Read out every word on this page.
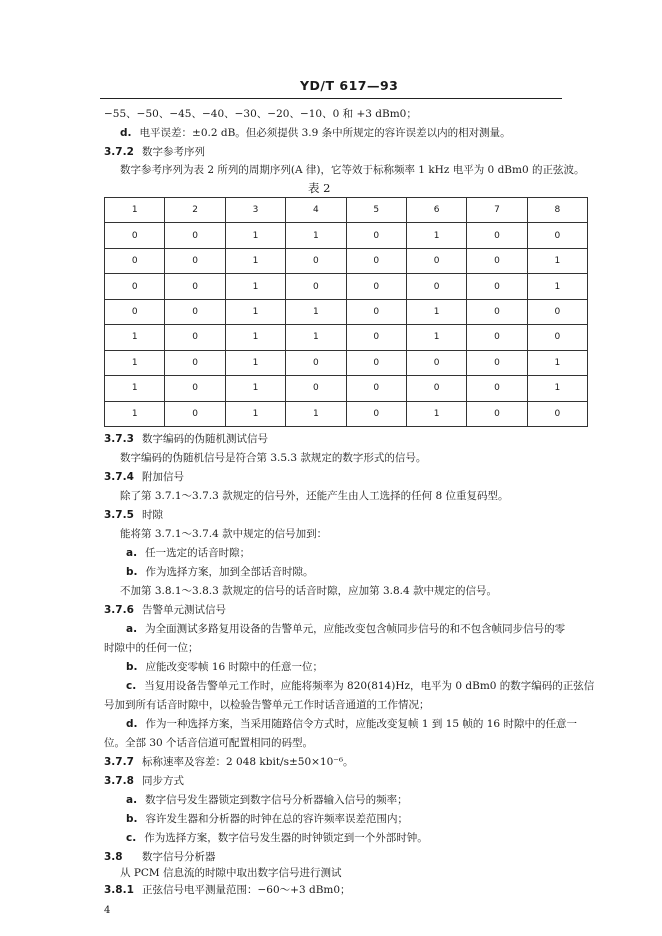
YD/T 617—93
−55、−50、−45、−40、−30、−20、−10、0 和 +3 dBm0；
d. 电平误差：±0.2 dB。但必须提供 3.9 条中所规定的容许误差以内的相对测量。
3.7.2 数字参考序列
数字参考序列为表 2 所列的周期序列(A 律)，它等效于标称频率 1 kHz 电平为 0 dBm0 的正弦波。
表 2
1	2	3	4	5	6	7	8
0	0	1	1	0	1	0	0
0	0	1	0	0	0	0	1
0	0	1	0	0	0	0	1
0	0	1	1	0	1	0	0
1	0	1	1	0	1	0	0
1	0	1	0	0	0	0	1
1	0	1	0	0	0	0	1
1	0	1	1	0	1	0	0
3.7.3 数字编码的伪随机测试信号
数字编码的伪随机信号是符合第 3.5.3 款规定的数字形式的信号。
3.7.4 附加信号
除了第 3.7.1～3.7.3 款规定的信号外，还能产生由人工选择的任何 8 位重复码型。
3.7.5 时隙
能将第 3.7.1～3.7.4 款中规定的信号加到：
a. 任一选定的话音时隙；
b. 作为选择方案，加到全部话音时隙。
不加第 3.8.1～3.8.3 款规定的信号的话音时隙，应加第 3.8.4 款中规定的信号。
3.7.6 告警单元测试信号
a. 为全面测试多路复用设备的告警单元，应能改变包含帧同步信号的和不包含帧同步信号的零
时隙中的任何一位；
b. 应能改变零帧 16 时隙中的任意一位；
c. 当复用设备告警单元工作时，应能将频率为 820(814)Hz，电平为 0 dBm0 的数字编码的正弦信
号加到所有话音时隙中，以检验告警单元工作时话音通道的工作情况；
d. 作为一种选择方案，当采用随路信令方式时，应能改变复帧 1 到 15 帧的 16 时隙中的任意一
位。全部 30 个话音信道可配置相同的码型。
3.7.7 标称速率及容差：2 048 kbit/s±50×10⁻⁶。
3.7.8 同步方式
a. 数字信号发生器锁定到数字信号分析器输入信号的频率；
b. 容许发生器和分析器的时钟在总的容许频率误差范围内；
c. 作为选择方案，数字信号发生器的时钟锁定到一个外部时钟。
3.8 数字信号分析器
从 PCM 信息流的时隙中取出数字信号进行测试
3.8.1 正弦信号电平测量范围：−60～+3 dBm0；
4
